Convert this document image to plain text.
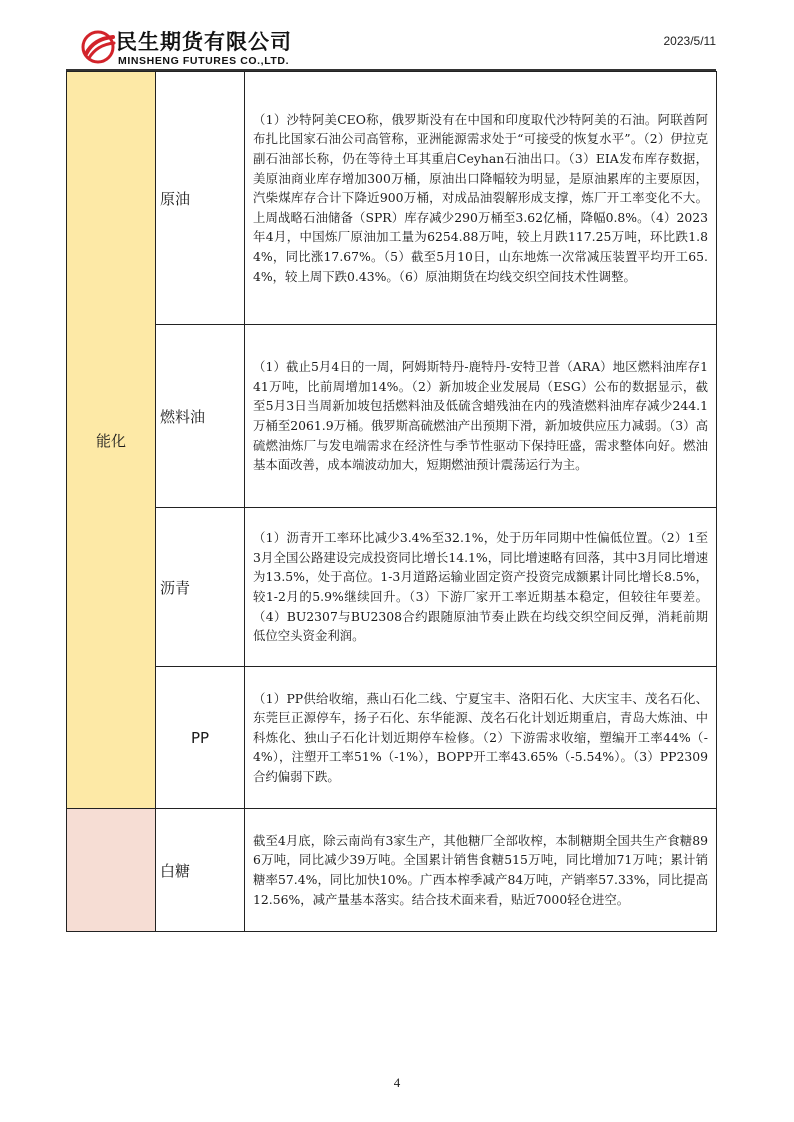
民生期货有限公司
MINSHENG FUTURES CO.,LTD.
2023/5/11
能化	原油	（1）沙特阿美CEO称，俄罗斯没有在中国和印度取代沙特阿美的石油。阿联酋阿布扎比国家石油公司高管称，亚洲能源需求处于“可接受的恢复水平”。（2）伊拉克副石油部长称，仍在等待土耳其重启Ceyhan石油出口。（3）EIA发布库存数据，美原油商业库存增加300万桶，原油出口降幅较为明显，是原油累库的主要原因，汽柴煤库存合计下降近900万桶，对成品油裂解形成支撑，炼厂开工率变化不大。上周战略石油储备（SPR）库存减少290万桶至3.62亿桶，降幅0.8%。（4）2023年4月，中国炼厂原油加工量为6254.88万吨，较上月跌117.25万吨，环比跌1.84%，同比涨17.67%。（5）截至5月10日，山东地炼一次常减压装置平均开工65.4%，较上周下跌0.43%。（6）原油期货在均线交织空间技术性调整。
	燃料油	（1）截止5月4日的一周，阿姆斯特丹-鹿特丹-安特卫普（ARA）地区燃料油库存141万吨，比前周增加14%。（2）新加坡企业发展局（ESG）公布的数据显示，截至5月3日当周新加坡包括燃料油及低硫含蜡残油在内的残渣燃料油库存减少244.1万桶至2061.9万桶。俄罗斯高硫燃油产出预期下滑，新加坡供应压力减弱。（3）高硫燃油炼厂与发电端需求在经济性与季节性驱动下保持旺盛，需求整体向好。燃油基本面改善，成本端波动加大，短期燃油预计震荡运行为主。
	沥青	（1）沥青开工率环比减少3.4%至32.1%，处于历年同期中性偏低位置。（2）1至3月全国公路建设完成投资同比增长14.1%，同比增速略有回落，其中3月同比增速为13.5%，处于高位。1-3月道路运输业固定资产投资完成额累计同比增长8.5%，较1-2月的5.9%继续回升。（3）下游厂家开工率近期基本稳定，但较往年要差。（4）BU2307与BU2308合约跟随原油节奏止跌在均线交织空间反弹，消耗前期低位空头资金利润。
	PP	（1）PP供给收缩，燕山石化二线、宁夏宝丰、洛阳石化、大庆宝丰、茂名石化、东莞巨正源停车，扬子石化、东华能源、茂名石化计划近期重启，青岛大炼油、中科炼化、独山子石化计划近期停车检修。（2）下游需求收缩，塑编开工率44%（-4%），注塑开工率51%（-1%），BOPP开工率43.65%（-5.54%）。（3）PP2309合约偏弱下跌。
	白糖	截至4月底，除云南尚有3家生产，其他糖厂全部收榨，本制糖期全国共生产食糖896万吨，同比减少39万吨。全国累计销售食糖515万吨，同比增加71万吨；累计销糖率57.4%，同比加快10%。广西本榨季减产84万吨，产销率57.33%，同比提高12.56%，减产量基本落实。结合技术面来看，贴近7000轻仓进空。
4
